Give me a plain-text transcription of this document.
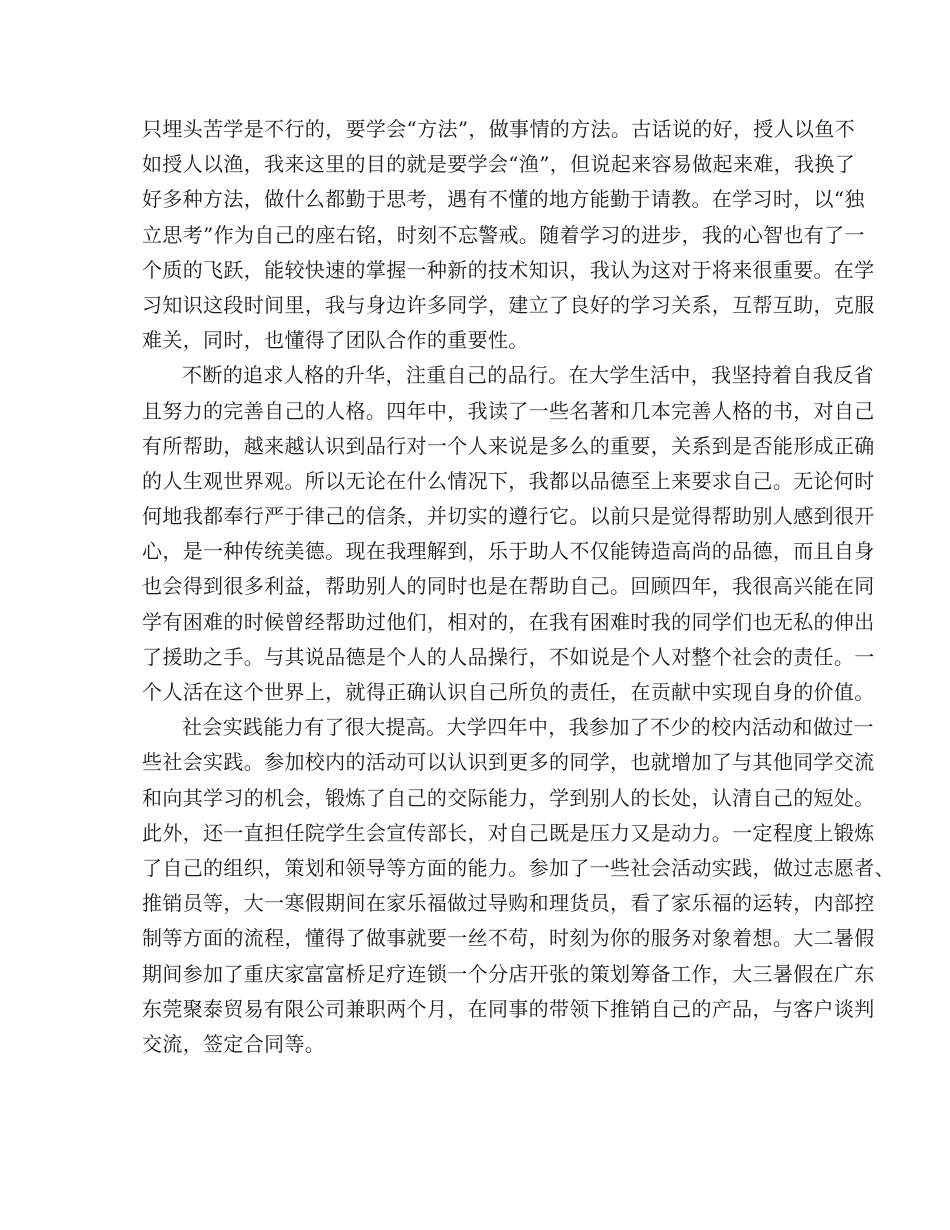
只埋头苦学是不行的，要学会“方法”，做事情的方法。古话说的好，授人以鱼不
如授人以渔，我来这里的目的就是要学会“渔”，但说起来容易做起来难，我换了
好多种方法，做什么都勤于思考，遇有不懂的地方能勤于请教。在学习时，以“独
立思考”作为自己的座右铭，时刻不忘警戒。随着学习的进步，我的心智也有了一
个质的飞跃，能较快速的掌握一种新的技术知识，我认为这对于将来很重要。在学
习知识这段时间里，我与身边许多同学，建立了良好的学习关系，互帮互助，克服
难关，同时，也懂得了团队合作的重要性。
不断的追求人格的升华，注重自己的品行。在大学生活中，我坚持着自我反省
且努力的完善自己的人格。四年中，我读了一些名著和几本完善人格的书，对自己
有所帮助，越来越认识到品行对一个人来说是多么的重要，关系到是否能形成正确
的人生观世界观。所以无论在什么情况下，我都以品德至上来要求自己。无论何时
何地我都奉行严于律己的信条，并切实的遵行它。以前只是觉得帮助别人感到很开
心，是一种传统美德。现在我理解到，乐于助人不仅能铸造高尚的品德，而且自身
也会得到很多利益，帮助别人的同时也是在帮助自己。回顾四年，我很高兴能在同
学有困难的时候曾经帮助过他们，相对的，在我有困难时我的同学们也无私的伸出
了援助之手。与其说品德是个人的人品操行，不如说是个人对整个社会的责任。一
个人活在这个世界上，就得正确认识自己所负的责任，在贡献中实现自身的价值。
社会实践能力有了很大提高。大学四年中，我参加了不少的校内活动和做过一
些社会实践。参加校内的活动可以认识到更多的同学，也就增加了与其他同学交流
和向其学习的机会，锻炼了自己的交际能力，学到别人的长处，认清自己的短处。
此外，还一直担任院学生会宣传部长，对自己既是压力又是动力。一定程度上锻炼
了自己的组织，策划和领导等方面的能力。参加了一些社会活动实践，做过志愿者、
推销员等，大一寒假期间在家乐福做过导购和理货员，看了家乐福的运转，内部控
制等方面的流程，懂得了做事就要一丝不苟，时刻为你的服务对象着想。大二暑假
期间参加了重庆家富富桥足疗连锁一个分店开张的策划筹备工作，大三暑假在广东
东莞聚泰贸易有限公司兼职两个月，在同事的带领下推销自己的产品，与客户谈判
交流，签定合同等。
